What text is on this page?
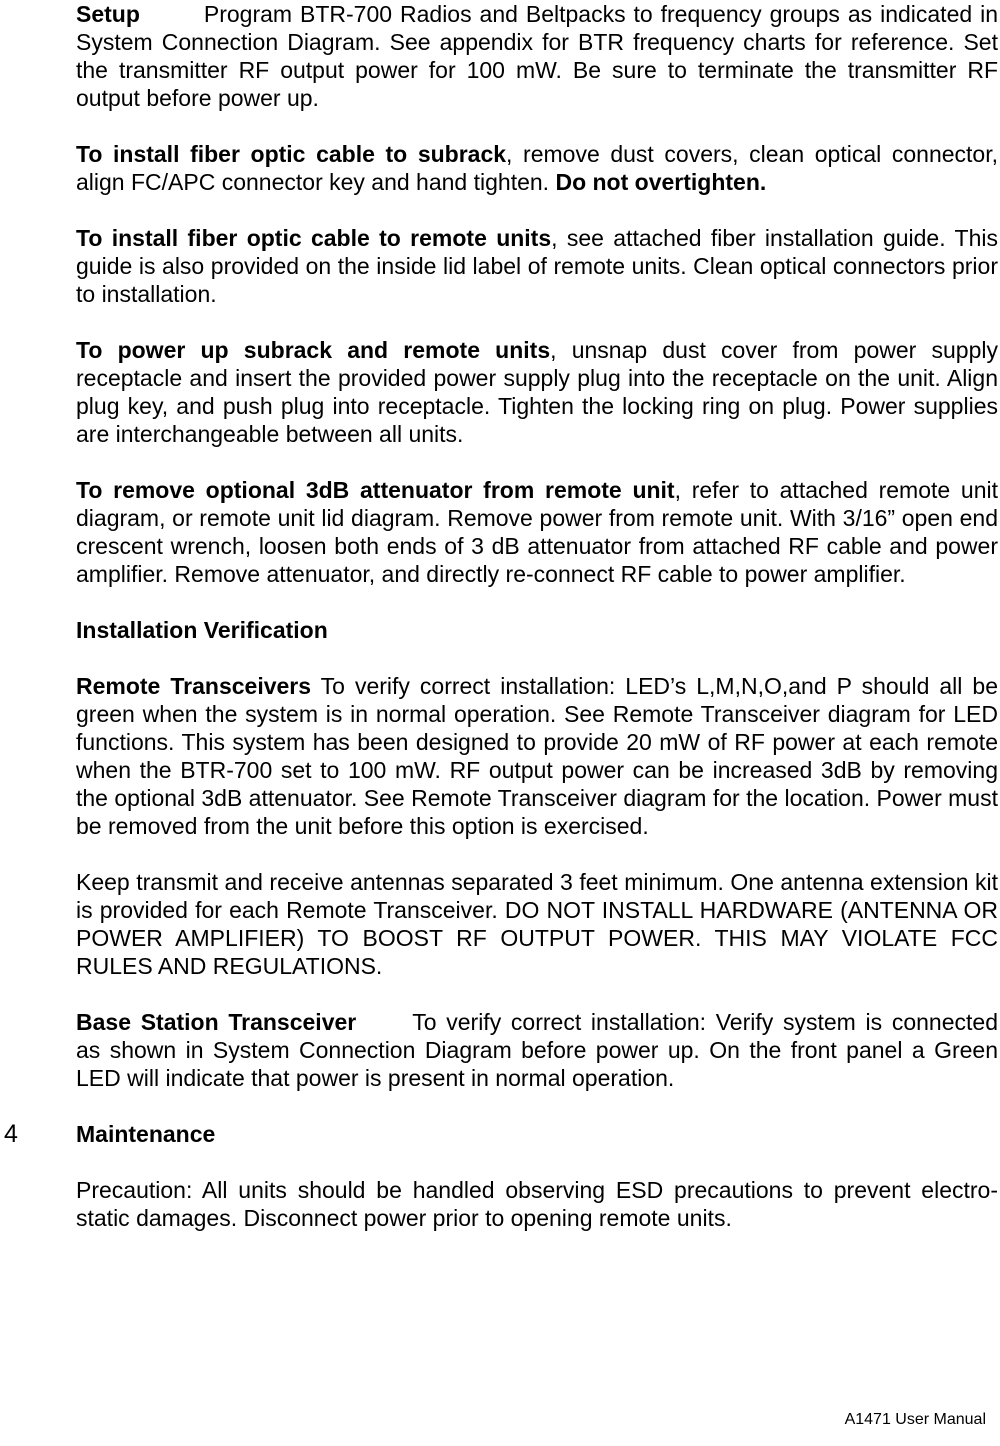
Setup	Program BTR-700 Radios and Beltpacks to frequency groups as indicated in System Connection Diagram. See appendix for BTR frequency charts for reference. Set the transmitter RF output power for 100 mW. Be sure to terminate the transmitter RF output before power up.

To install fiber optic cable to subrack, remove dust covers, clean optical connector, align FC/APC connector key and hand tighten. Do not overtighten.

To install fiber optic cable to remote units, see attached fiber installation guide. This guide is also provided on the inside lid label of remote units. Clean optical connectors prior to installation.

To power up subrack and remote units, unsnap dust cover from power supply receptacle and insert the provided power supply plug into the receptacle on the unit. Align plug key, and push plug into receptacle. Tighten the locking ring on plug. Power supplies are interchangeable between all units.

To remove optional 3dB attenuator from remote unit, refer to attached remote unit diagram, or remote unit lid diagram. Remove power from remote unit. With 3/16” open end crescent wrench, loosen both ends of 3 dB attenuator from attached RF cable and power amplifier. Remove attenuator, and directly re-connect RF cable to power amplifier.

Installation Verification

Remote Transceivers To verify correct installation: LED’s L,M,N,O,and P should all be green when the system is in normal operation. See Remote Transceiver diagram for LED functions. This system has been designed to provide 20 mW of RF power at each remote when the BTR-700 set to 100 mW. RF output power can be increased 3dB by removing the optional 3dB attenuator. See Remote Transceiver diagram for the location. Power must be removed from the unit before this option is exercised.

Keep transmit and receive antennas separated 3 feet minimum. One antenna extension kit is provided for each Remote Transceiver. DO NOT INSTALL HARDWARE (ANTENNA OR POWER AMPLIFIER) TO BOOST RF OUTPUT POWER. THIS MAY VIOLATE FCC RULES AND REGULATIONS.

Base Station Transceiver To verify correct installation: Verify system is connected as shown in System Connection Diagram before power up. On the front panel a Green LED will indicate that power is present in normal operation.

4	Maintenance

Precaution: All units should be handled observing ESD precautions to prevent electro-static damages. Disconnect power prior to opening remote units.

A1471 User Manual
